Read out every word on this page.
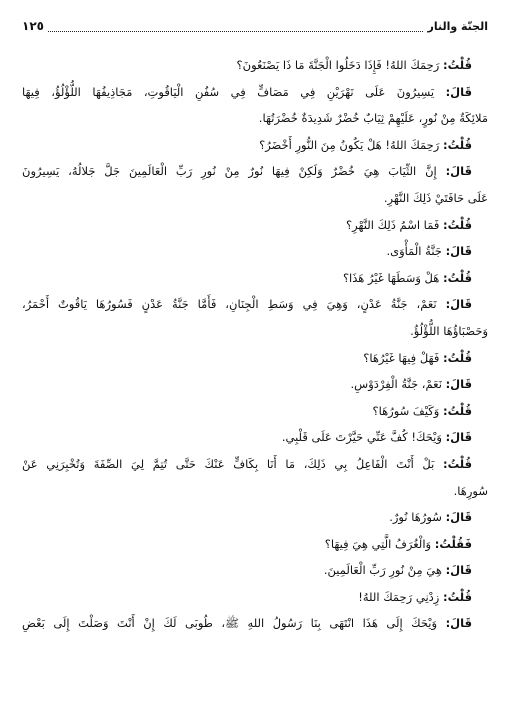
الجنّة والنار
١٢٥
قُلْتُ: رَحِمَكَ اللهُ! فَإِذَا دَخَلُوا الْجَنَّةَ مَا ذَا يَصْنَعُونَ؟
قَالَ: يَسِيرُونَ عَلَى نَهْرَيْنِ فِي مَصَافٍّ فِي سُفُنِ الْيَاقُوتِ، مَجَاذِيفُهَا اللُّؤْلُؤُ، فِيهَا
مَلائِكَةٌ مِنْ نُورٍ، عَلَيْهِمْ ثِيَابٌ خُضْرٌ شَدِيدَةٌ خُضْرَتُهَا.
قُلْتُ: رَحِمَكَ اللهُ! هَلْ يَكُونُ مِنَ النُّورِ أَخْضَرُ؟
قَالَ: إِنَّ الثِّيَابَ هِيَ خُضْرٌ وَلَكِنْ فِيهَا نُورٌ مِنْ نُورِ رَبِّ الْعَالَمِينَ جَلَّ جَلالُهُ، يَسِيرُونَ
عَلَى حَافَتَيْ ذَلِكَ النَّهْرِ.
قُلْتُ: فَمَا اسْمُ ذَلِكَ النَّهْرِ؟
قَالَ: جَنَّةُ الْمَأْوَى.
قُلْتُ: هَلْ وَسَطَهَا غَيْرُ هَذَا؟
قَالَ: نَعَمْ، جَنَّةُ عَدْنٍ، وَهِيَ فِي وَسَطِ الْجِنَانِ، فَأَمَّا جَنَّةُ عَدْنٍ فَسُورُهَا يَاقُوتٌ أَحْمَرُ،
وَحَصْبَاؤُهَا اللُّؤْلُؤُ.
قُلْتُ: فَهَلْ فِيهَا غَيْرُهَا؟
قَالَ: نَعَمْ، جَنَّةُ الْفِرْدَوْسِ.
قُلْتُ: وَكَيْفَ سُورُهَا؟
قَالَ: وَيْحَكَ! كُفَّ عَنِّي حَيَّرْتَ عَلَى قَلْبِي.
قُلْتُ: بَلْ أَنْتَ الْفَاعِلُ بِي ذَلِكَ، مَا أَنَا بِكَافٍّ عَنْكَ حَتَّى تُتِمَّ لِيَ الصِّفَةَ وَتُخْبِرَنِي عَنْ
سُورِهَا.
قَالَ: سُورُهَا نُورٌ.
فَقُلْتُ: وَالْغُرَفُ الَّتِي هِيَ فِيهَا؟
قَالَ: هِيَ مِنْ نُورِ رَبِّ الْعَالَمِينَ.
قُلْتُ: زِدْنِي رَحِمَكَ اللهُ!
قَالَ: وَيْحَكَ إِلَى هَذَا انْتَهَى بِنَا رَسُولُ اللهِ ﷺ، طُوبَى لَكَ إِنْ أَنْتَ وَصَلْتَ إِلَى بَعْضِ
